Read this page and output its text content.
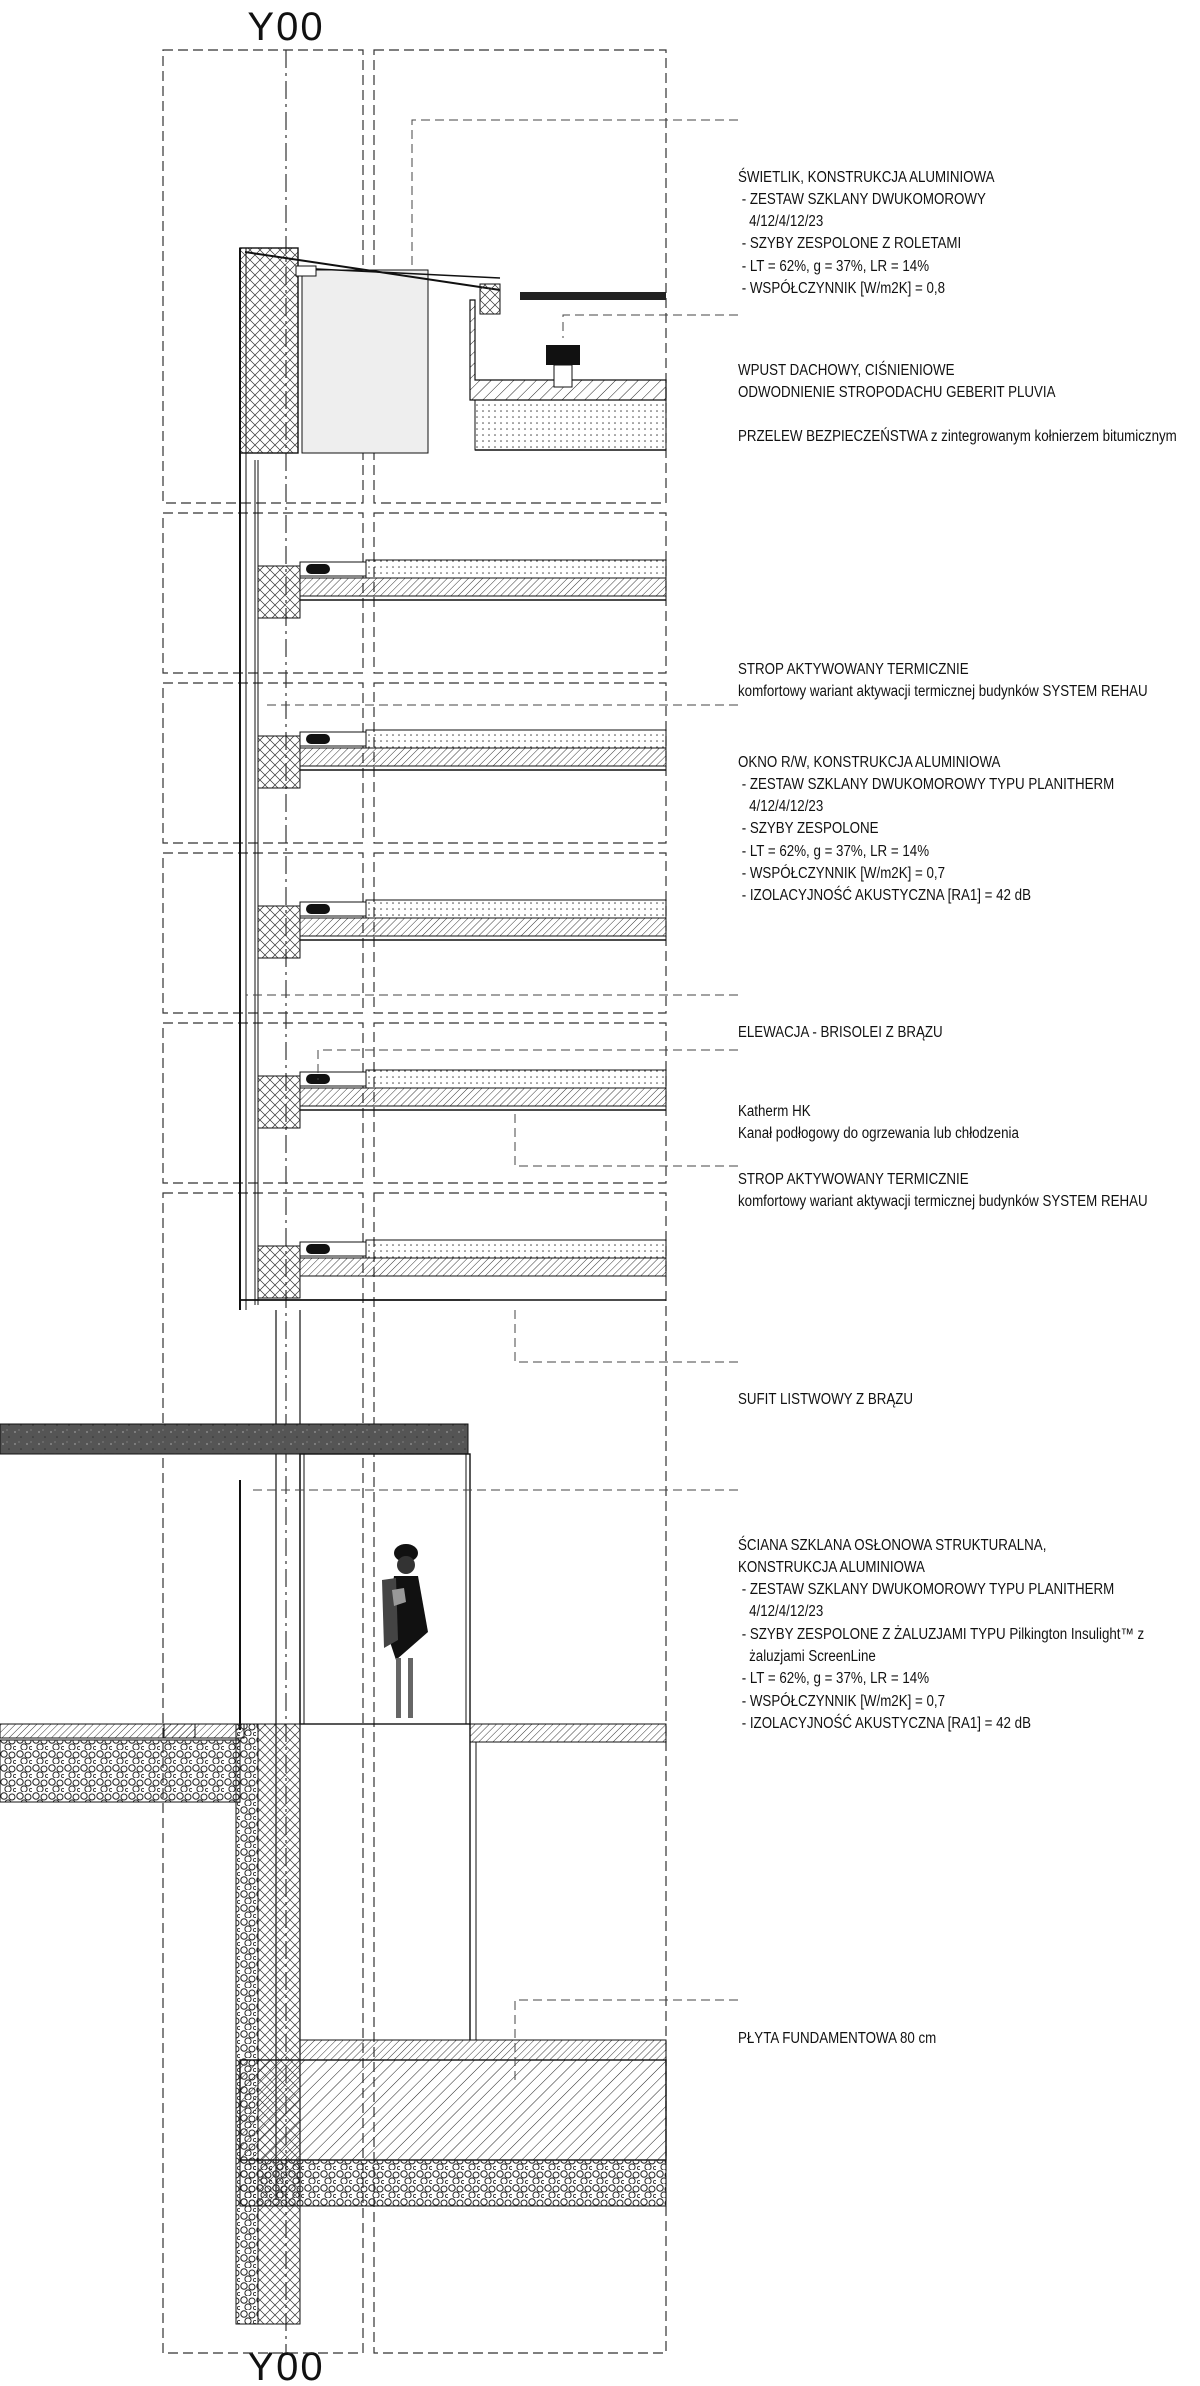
Y00
Y00

ŚWIETLIK, KONSTRUKCJA ALUMINIOWA
- ZESTAW SZKLANY DWUKOMOROWY
4/12/4/12/23
- SZYBY ZESPOLONE Z ROLETAMI
- LT = 62%, g = 37%, LR = 14%
- WSPÓŁCZYNNIK [W/m2K] = 0,8

WPUST DACHOWY, CIŚNIENIOWE
ODWODNIENIE STROPODACHU GEBERIT PLUVIA

PRZELEW BEZPIECZEŃSTWA z zintegrowanym kołnierzem bitumicznym

STROP AKTYWOWANY TERMICZNIE
komfortowy wariant aktywacji termicznej budynków SYSTEM REHAU

OKNO R/W, KONSTRUKCJA ALUMINIOWA
- ZESTAW SZKLANY DWUKOMOROWY TYPU PLANITHERM
4/12/4/12/23
- SZYBY ZESPOLONE
- LT = 62%, g = 37%, LR = 14%
- WSPÓŁCZYNNIK [W/m2K] = 0,7
- IZOLACYJNOŚĆ AKUSTYCZNA [RA1] = 42 dB

ELEWACJA - BRISOLEI Z BRĄZU

Katherm HK
Kanał podłogowy do ogrzewania lub chłodzenia

STROP AKTYWOWANY TERMICZNIE
komfortowy wariant aktywacji termicznej budynków SYSTEM REHAU

SUFIT LISTWOWY Z BRĄZU

ŚCIANA SZKLANA OSŁONOWA STRUKTURALNA,
KONSTRUKCJA ALUMINIOWA
- ZESTAW SZKLANY DWUKOMOROWY TYPU PLANITHERM
4/12/4/12/23
- SZYBY ZESPOLONE Z ŻALUZJAMI TYPU Pilkington Insulight™ z
żaluzjami ScreenLine
- LT = 62%, g = 37%, LR = 14%
- WSPÓŁCZYNNIK [W/m2K] = 0,7
- IZOLACYJNOŚĆ AKUSTYCZNA [RA1] = 42 dB

PŁYTA FUNDAMENTOWA 80 cm
